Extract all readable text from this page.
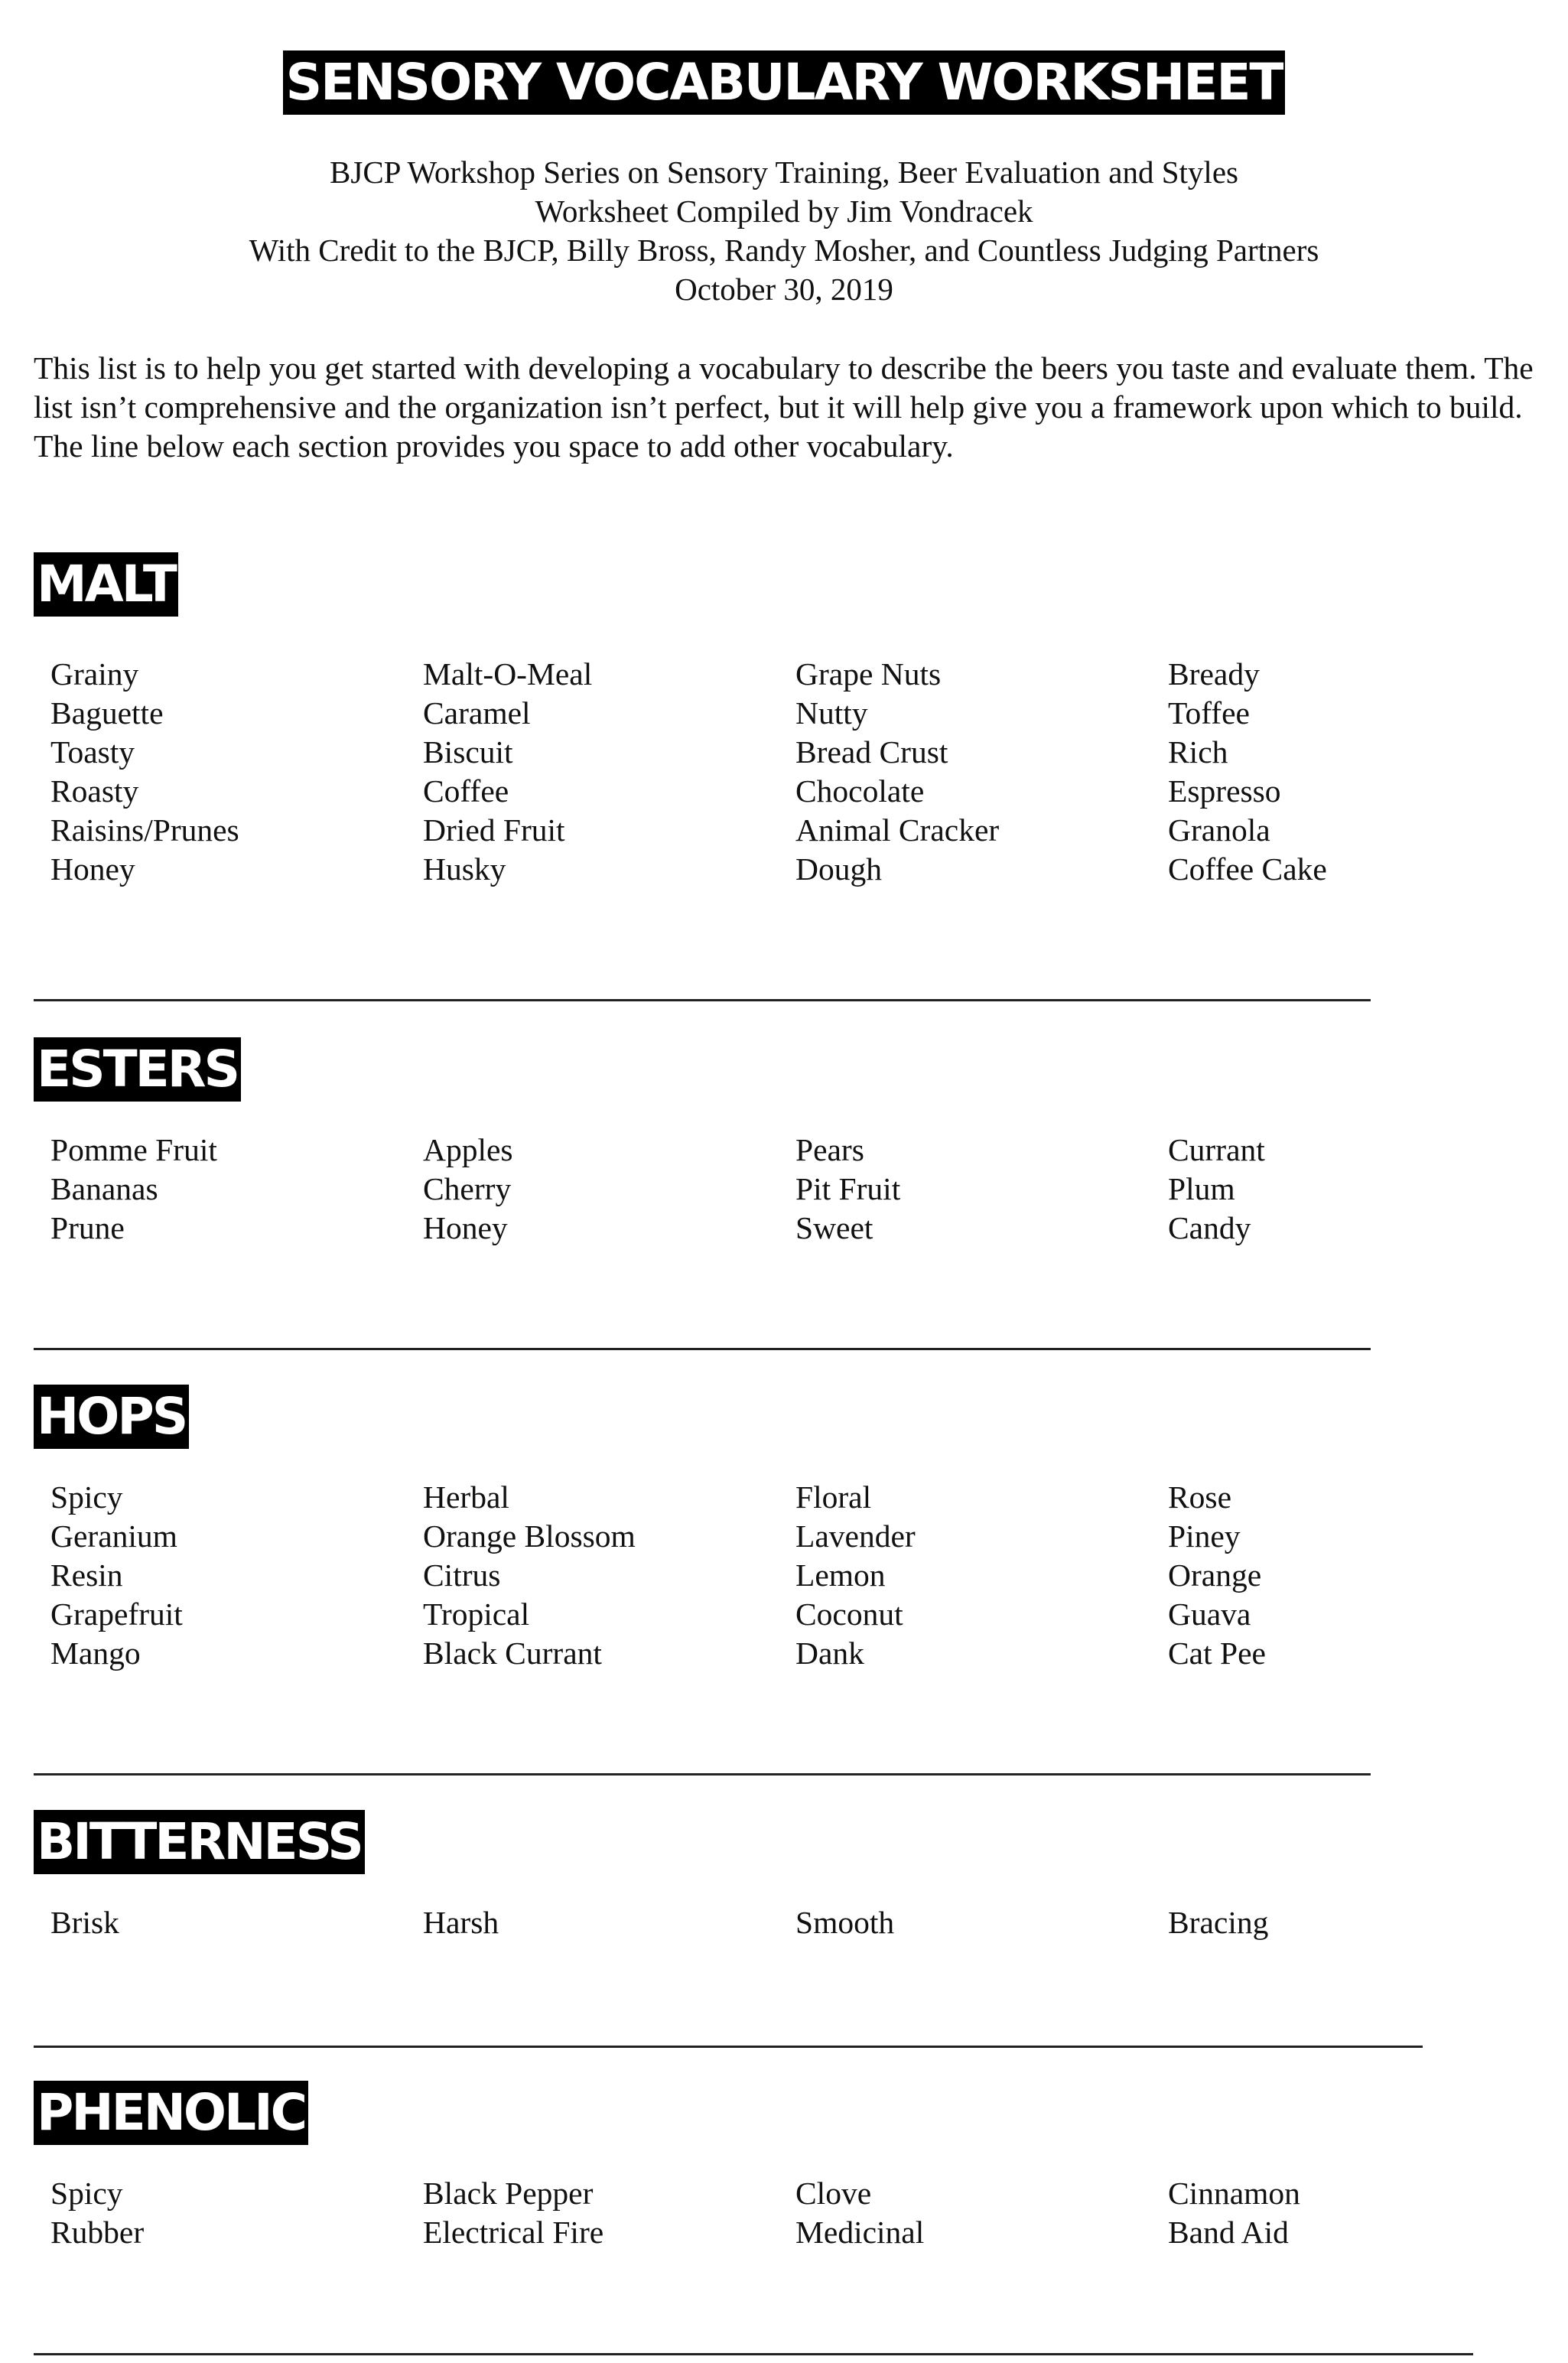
SENSORY VOCABULARY WORKSHEET
BJCP Workshop Series on Sensory Training, Beer Evaluation and Styles
Worksheet Compiled by Jim Vondracek
With Credit to the BJCP, Billy Bross, Randy Mosher, and Countless Judging Partners
October 30, 2019
This list is to help you get started with developing a vocabulary to describe the beers you taste and evaluate them. The list isn’t comprehensive and the organization isn’t perfect, but it will help give you a framework upon which to build. The line below each section provides you space to add other vocabulary.
MALT
Grainy	Malt-O-Meal	Grape Nuts	Bready
Baguette	Caramel	Nutty	Toffee
Toasty	Biscuit	Bread Crust	Rich
Roasty	Coffee	Chocolate	Espresso
Raisins/Prunes	Dried Fruit	Animal Cracker	Granola
Honey	Husky	Dough	Coffee Cake
ESTERS
Pomme Fruit	Apples	Pears	Currant
Bananas	Cherry	Pit Fruit	Plum
Prune	Honey	Sweet	Candy
HOPS
Spicy	Herbal	Floral	Rose
Geranium	Orange Blossom	Lavender	Piney
Resin	Citrus	Lemon	Orange
Grapefruit	Tropical	Coconut	Guava
Mango	Black Currant	Dank	Cat Pee
BITTERNESS
Brisk	Harsh	Smooth	Bracing
PHENOLIC
Spicy	Black Pepper	Clove	Cinnamon
Rubber	Electrical Fire	Medicinal	Band Aid
